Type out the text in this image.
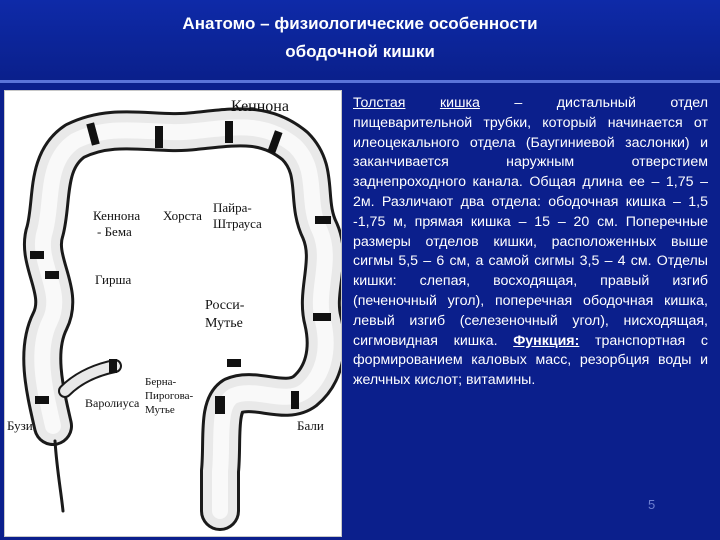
Анатомо – физиологические особенности
ободочной кишки
Кеннона
Кеннона
- Бема
Хорста
Пайра-
Штрауса
Гирша
Росси-
Мутье
Варолиуса
Берна-
Пирогова-
Мутье
Бузи	Бали
Толстая кишка – дистальный отдел пищеварительной трубки, который начинается от илеоцекального отдела (Баугиниевой заслонки) и заканчивается наружным отверстием заднепроходного канала. Общая длина ее – 1,75 –2м. Различают два отдела: ободочная кишка – 1,5 -1,75 м, прямая кишка – 15 – 20 см. Поперечные размеры отделов кишки, расположенных выше сигмы 5,5 – 6 см, а самой сигмы 3,5 – 4 см. Отделы кишки: слепая, восходящая, правый изгиб (печеночный угол), поперечная ободочная кишка, левый изгиб (селезеночный угол), нисходящая, сигмовидная кишка. Функция: транспортная с формированием каловых масс, резорбция воды и желчных кислот; витамины.
5
